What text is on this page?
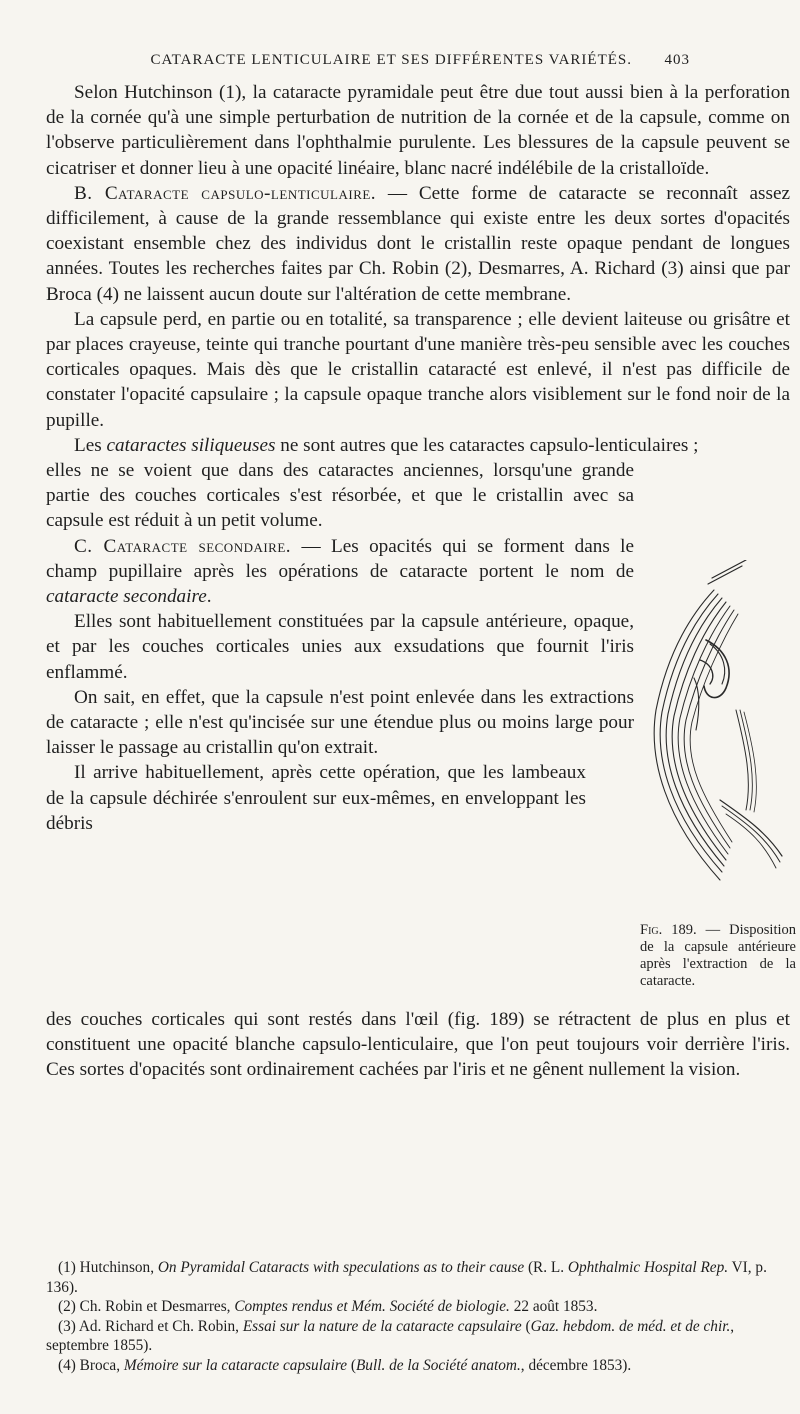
CATARACTE LENTICULAIRE ET SES DIFFÉRENTES VARIÉTÉS.	403

Selon Hutchinson (1), la cataracte pyramidale peut être due tout aussi bien à la perforation de la cornée qu'à une simple perturbation de nutrition de la cornée et de la capsule, comme on l'observe particulièrement dans l'ophthalmie purulente. Les blessures de la capsule peuvent se cicatriser et donner lieu à une opacité linéaire, blanc nacré indélébile de la cristalloïde.

B. Cataracte capsulo-lenticulaire. — Cette forme de cataracte se reconnaît assez difficilement, à cause de la grande ressemblance qui existe entre les deux sortes d'opacités coexistant ensemble chez des individus dont le cristallin reste opaque pendant de longues années. Toutes les recherches faites par Ch. Robin (2), Desmarres, A. Richard (3) ainsi que par Broca (4) ne laissent aucun doute sur l'altération de cette membrane.

La capsule perd, en partie ou en totalité, sa transparence ; elle devient laiteuse ou grisâtre et par places crayeuse, teinte qui tranche pourtant d'une manière très-peu sensible avec les couches corticales opaques. Mais dès que le cristallin cataracté est enlevé, il n'est pas difficile de constater l'opacité capsulaire ; la capsule opaque tranche alors visiblement sur le fond noir de la pupille.

Les cataractes siliqueuses ne sont autres que les cataractes capsulo-lenticulaires ;

elles ne se voient que dans des cataractes anciennes, lorsqu'une grande partie des couches corticales s'est résorbée, et que le cristallin avec sa capsule est réduit à un petit volume.

C. Cataracte secondaire. — Les opacités qui se forment dans le champ pupillaire après les opérations de cataracte portent le nom de cataracte secondaire.

Elles sont habituellement constituées par la capsule antérieure, opaque, et par les couches corticales unies aux exsudations que fournit l'iris enflammé.

On sait, en effet, que la capsule n'est point enlevée dans les extractions de cataracte ; elle n'est qu'incisée sur une étendue plus ou moins large pour laisser le passage au cristallin qu'on extrait.

Il arrive habituellement, après cette opération, que les lambeaux de la capsule déchirée s'enroulent sur eux-mêmes, en enveloppant les débris

Fig. 189. — Disposition de la capsule antérieure après l'extraction de la cataracte.

des couches corticales qui sont restés dans l'œil (fig. 189) se rétractent de plus en plus et constituent une opacité blanche capsulo-lenticulaire, que l'on peut toujours voir derrière l'iris. Ces sortes d'opacités sont ordinairement cachées par l'iris et ne gênent nullement la vision.

(1) Hutchinson, On Pyramidal Cataracts with speculations as to their cause (R. L. Ophthalmic Hospital Rep. VI, p. 136).

(2) Ch. Robin et Desmarres, Comptes rendus et Mém. Société de biologie. 22 août 1853.

(3) Ad. Richard et Ch. Robin, Essai sur la nature de la cataracte capsulaire (Gaz. hebdom. de méd. et de chir., septembre 1855).

(4) Broca, Mémoire sur la cataracte capsulaire (Bull. de la Société anatom., décembre 1853).
